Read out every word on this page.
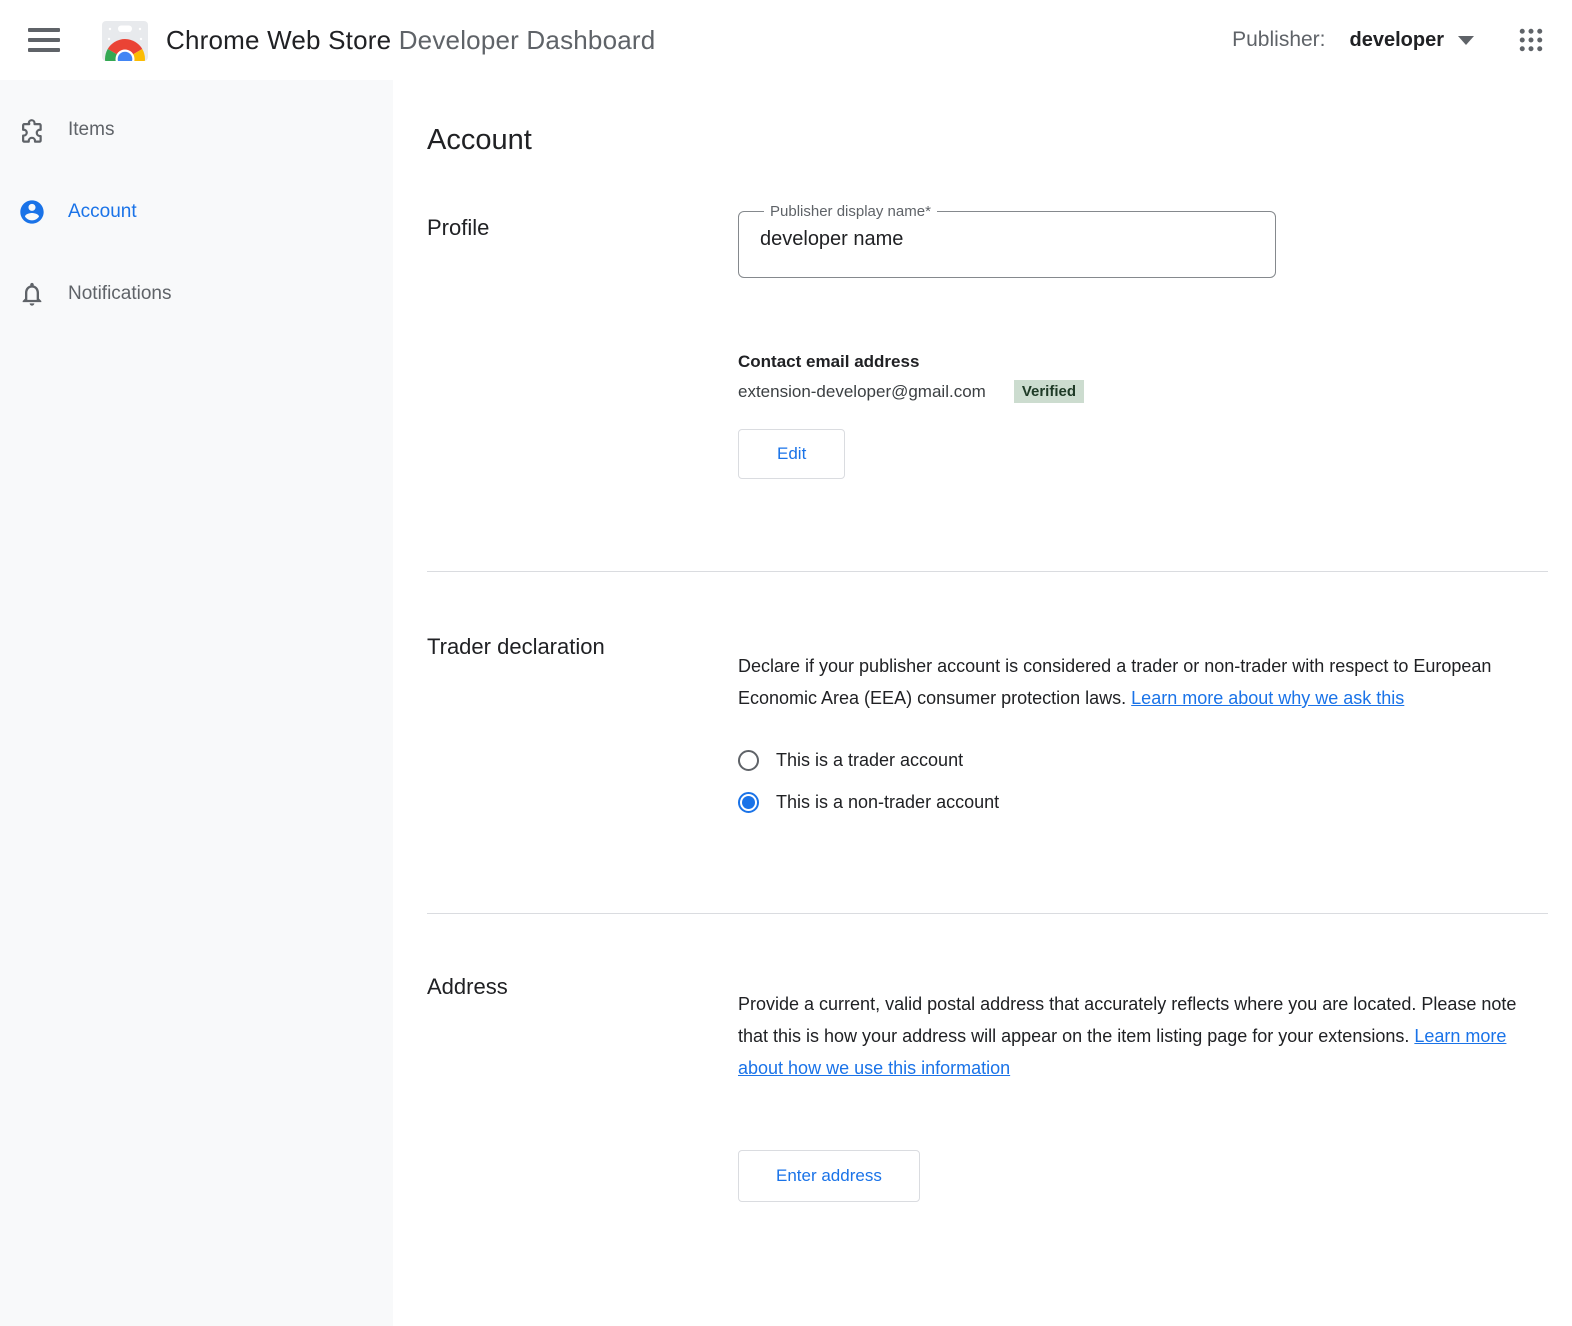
Chrome Web Store Developer Dashboard	Publisher: developer
Items
Account
Notifications
Account
Profile
Publisher display name*
developer name
Contact email address
extension-developer@gmail.com	Verified
Edit
Trader declaration

Declare if your publisher account is considered a trader or non-trader with respect to European Economic Area (EEA) consumer protection laws. Learn more about why we ask this

This is a trader account
This is a non-trader account
Address

Provide a current, valid postal address that accurately reflects where you are located. Please note that this is how your address will appear on the item listing page for your extensions. Learn more about how we use this information

Enter address
